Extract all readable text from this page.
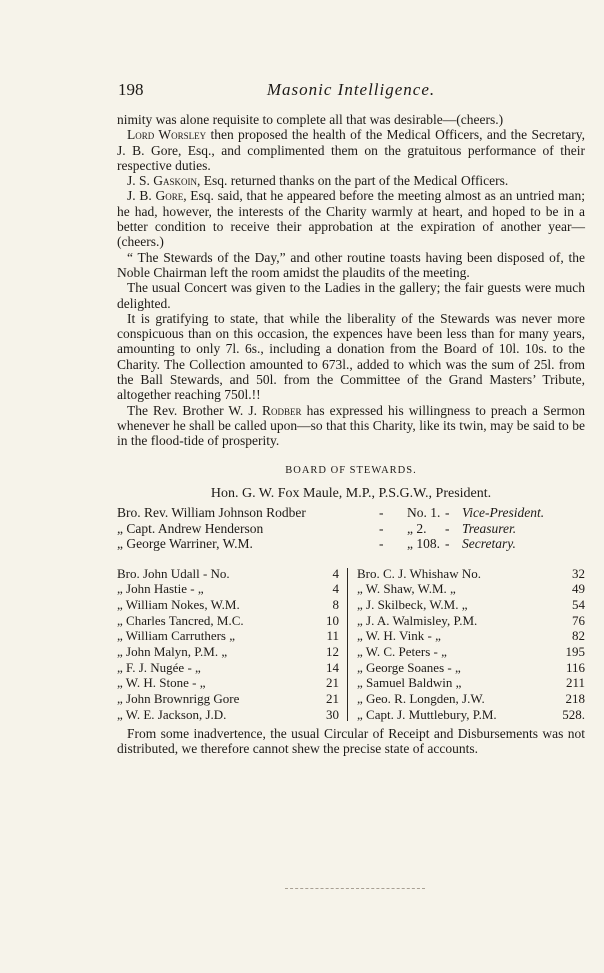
198	Masonic Intelligence.

nimity was alone requisite to complete all that was desirable—(cheers.)

Lord Worsley then proposed the health of the Medical Officers, and the Secretary, J. B. Gore, Esq., and complimented them on the gratuitous performance of their respective duties.

J. S. Gaskoin, Esq. returned thanks on the part of the Medical Officers.

J. B. Gore, Esq. said, that he appeared before the meeting almost as an untried man; he had, however, the interests of the Charity warmly at heart, and hoped to be in a better condition to receive their approbation at the expiration of another year—(cheers.)

“ The Stewards of the Day,” and other routine toasts having been disposed of, the Noble Chairman left the room amidst the plaudits of the meeting.

The usual Concert was given to the Ladies in the gallery; the fair guests were much delighted.

It is gratifying to state, that while the liberality of the Stewards was never more conspicuous than on this occasion, the expences have been less than for many years, amounting to only 7l. 6s., including a donation from the Board of 10l. 10s. to the Charity. The Collection amounted to 673l., added to which was the sum of 25l. from the Ball Stewards, and 50l. from the Committee of the Grand Masters’ Tribute, altogether reaching 750l.!!

The Rev. Brother W. J. Rodber has expressed his willingness to preach a Sermon whenever he shall be called upon—so that this Charity, like its twin, may be said to be in the flood-tide of prosperity.

BOARD OF STEWARDS.
Hon. G. W. Fox Maule, M.P., P.S.G.W., President.
Bro. Rev. William Johnson Rodber	- No. 1. - Vice-President.
„ Capt. Andrew Henderson	- „ 2. - Treasurer.
„ George Warriner, W.M.	- „ 108. - Secretary.
Bro. John Udall - No.	4
„ John Hastie - „	4
„ William Nokes, W.M.	8
„ Charles Tancred, M.C.	10
„ William Carruthers „	11
„ John Malyn, P.M. „	12
„ F. J. Nugée - „	14
„ W. H. Stone - „	21
„ John Brownrigg Gore	21
„ W. E. Jackson, J.D.	30
Bro. C. J. Whishaw No.	32
„ W. Shaw, W.M. „	49
„ J. Skilbeck, W.M. „	54
„ J. A. Walmisley, P.M.	76
„ W. H. Vink - „	82
„ W. C. Peters - „	195
„ George Soanes - „	116
„ Samuel Baldwin „	211
„ Geo. R. Longden, J.W.	218
„ Capt. J. Muttlebury, P.M.	528.

From some inadvertence, the usual Circular of Receipt and Disbursements was not distributed, we therefore cannot shew the precise state of accounts.
